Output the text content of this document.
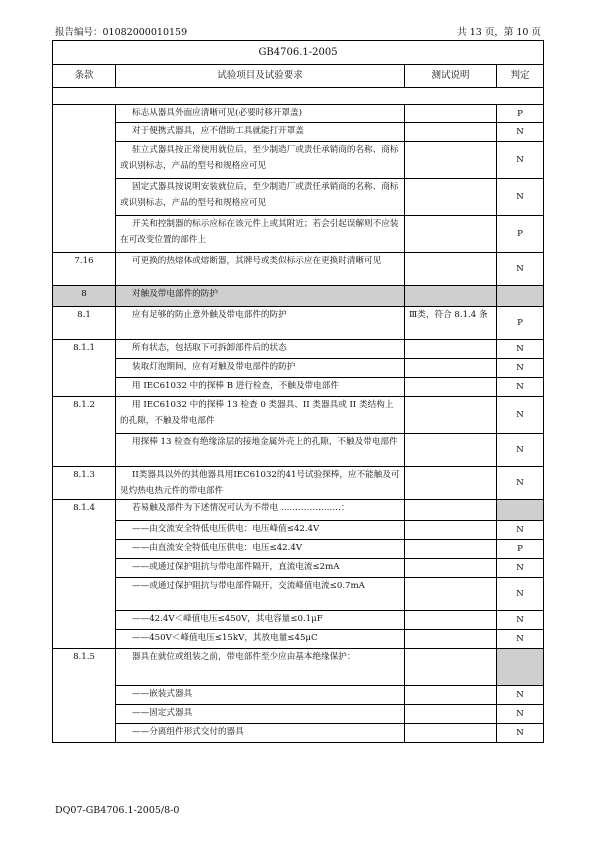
报告编号：01082000010159	共 13 页，第 10 页
GB4706.1-2005			
条款	试验项目及试验要求	测试说明	判定

	标志从器具外面应清晰可见(必要时移开罩盖)		P
	对于便携式器具，应不借助工具就能打开罩盖		N
	驻立式器具按正常使用就位后，至少制造厂或责任承销商的名称、商标或识别标志，产品的型号和规格应可见		N
	固定式器具按说明安装就位后，至少制造厂或责任承销商的名称、商标或识别标志，产品的型号和规格应可见		N
	开关和控制器的标示应标在该元件上或其附近；若会引起误解则不应装在可改变位置的部件上		P
7.16	可更换的热熔体或熔断器，其牌号或类似标示应在更换时清晰可见		N
8	对触及带电部件的防护		
8.1	应有足够的防止意外触及带电部件的防护	Ⅲ类，符合 8.1.4 条	P
8.1.1	所有状态，包括取下可拆卸部件后的状态		N
	装取灯泡期间，应有对触及带电部件的防护		N
	用 IEC61032 中的探棒 B 进行检查，不触及带电部件		N
8.1.2	用 IEC61032 中的探棒 13 检查 0 类器具、II 类器具或 II 类结构上的孔隙，不触及带电部件		N
	用探棒 13 检查有绝缘涂层的接地金属外壳上的孔隙，不触及带电部件		N
8.1.3	II类器具以外的其他器具用IEC61032的41号试验探棒，应不能触及可见灼热电热元件的带电部件		N
8.1.4	若易触及部件为下述情况可认为不带电 …………………：		
	——由交流安全特低电压供电：电压峰值≤42.4V		N
	——由直流安全特低电压供电：电压≤42.4V		P
	——或通过保护阻抗与带电部件隔开，直流电流≤2mA		N
	——或通过保护阻抗与带电部件隔开，交流峰值电流≤0.7mA		N
	——42.4V＜峰值电压≤450V，其电容量≤0.1μF		N
	——450V＜峰值电压≤15kV，其放电量≤45μC		N
8.1.5	器具在就位或组装之前，带电部件至少应由基本绝缘保护：		
	——嵌装式器具		N
	——固定式器具		N
	——分离组件形式交付的器具		N
DQ07-GB4706.1-2005/8-0
